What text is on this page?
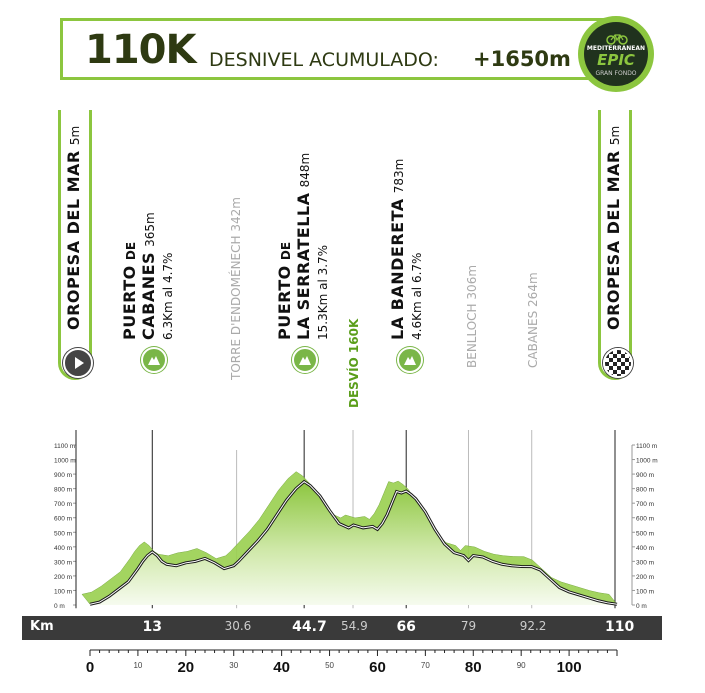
110K DESNIVEL ACUMULADO: +1650m	MEDITERRANEAN
EPIC
GRAN FONDO
OROPESA DEL MAR 5m
OROPESA DEL MAR 5m
PUERTO DE
CABANES 365m
6.3Km al 4.7%	TORRE D'ENDOMÉNECH 342m
PUERTO DE LA SERRATELLA 848m
15.3Km al 3.7%
DESVÍO 160K
LA BANDERETA 783m
4.6Km al 6.7%	BENLLOCH 306m
CABANES 264m
0 m	0 m
100 m	100 m
200 m	200 m
300 m	300 m
400 m	400 m
500 m	500 m
600 m	600 m
700 m	700 m
800 m	800 m
900 m	900 m
1000 m	1000 m
1100 m	1100 m
0	20	40	60	80	100
10	30	50	70	90
Km	13	30.6	44.7 54.9 66	79	92.2	110
